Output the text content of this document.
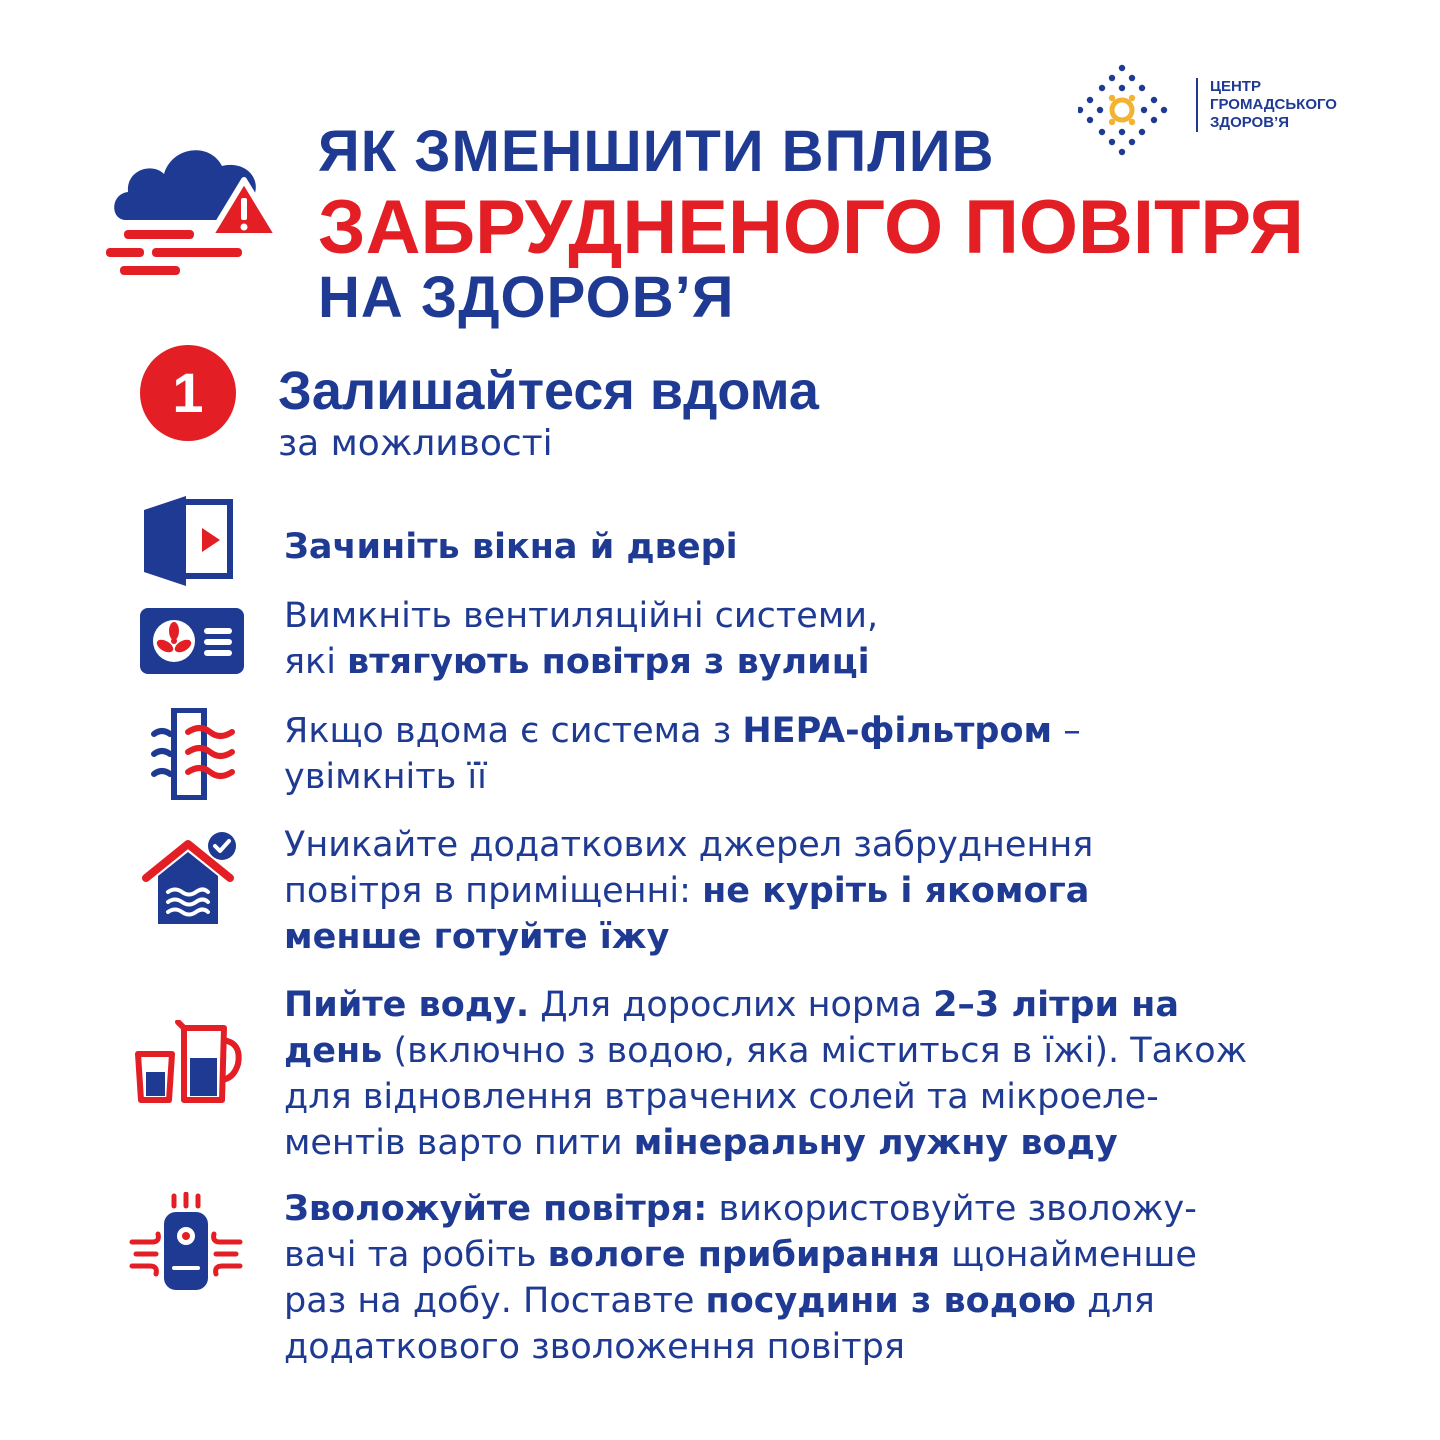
ЦЕНТР
ГРОМАДСЬКОГО
ЗДОРОВ’Я
ЯК ЗМЕНШИТИ ВПЛИВ
ЗАБРУДНЕНОГО ПОВІТРЯ
НА ЗДОРОВ’Я
1	Залишайтеся вдома
за можливості
Зачиніть вікна й двері
Вимкніть вентиляційні системи,
які втягують повітря з вулиці
Якщо вдома є система з HEPA-фільтром –
увімкніть її
Уникайте додаткових джерел забруднення
повітря в приміщенні: не куріть і якомога
менше готуйте їжу
Пийте воду. Для дорослих норма 2–3 літри на
день (включно з водою, яка міститься в їжі). Також
для відновлення втрачених солей та мікроеле-
ментів варто пити мінеральну лужну воду
Зволожуйте повітря: використовуйте зволожу-
вачі та робіть вологе прибирання щонайменше
раз на добу. Поставте посудини з водою для
додаткового зволоження повітря
